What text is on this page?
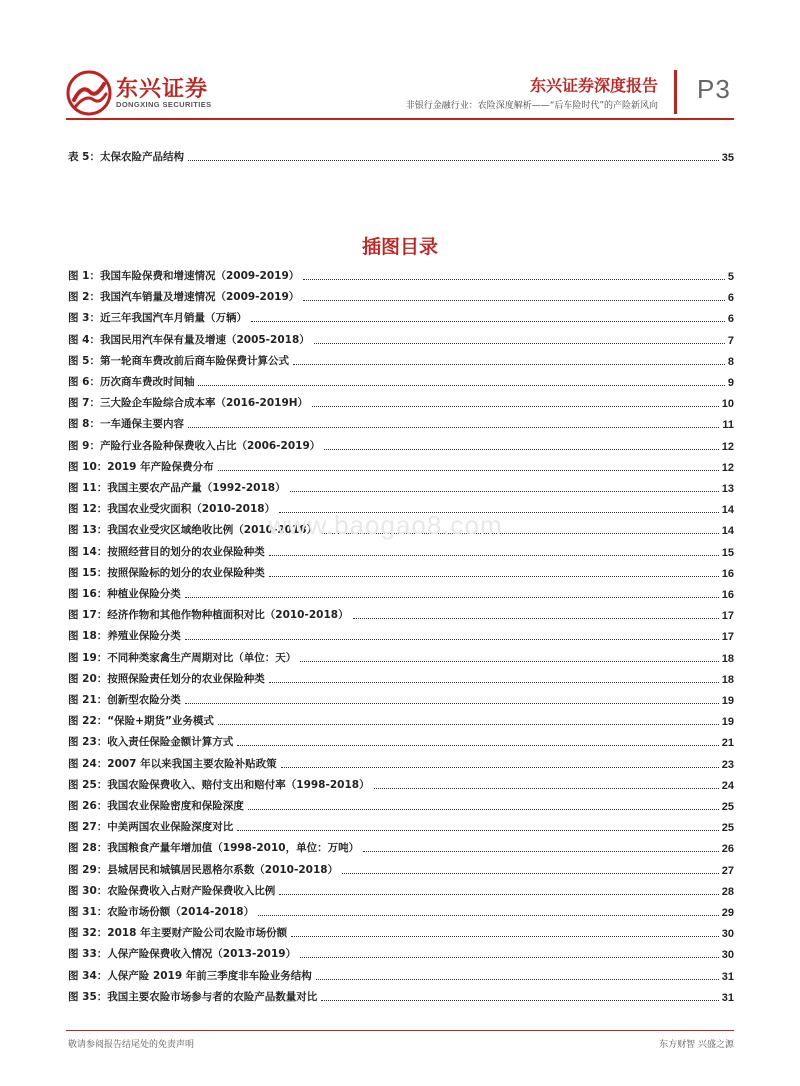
东兴证券
DONGXING SECURITIES
东兴证券深度报告
非银行金融行业：农险深度解析——“后车险时代”的产险新风向
P3
表 5：太保农险产品结构	35
插图目录
图 1：我国车险保费和增速情况（2009-2019）	5
图 2：我国汽车销量及增速情况（2009-2019）	6
图 3：近三年我国汽车月销量（万辆）	6
图 4：我国民用汽车保有量及增速（2005-2018）	7
图 5：第一轮商车费改前后商车险保费计算公式	8
图 6：历次商车费改时间轴	9
图 7：三大险企车险综合成本率（2016-2019H）	10
图 8：一车通保主要内容	11
图 9：产险行业各险种保费收入占比（2006-2019）	12
图 10：2019 年产险保费分布	12
图 11：我国主要农产品产量（1992-2018）	13
图 12：我国农业受灾面积（2010-2018）	14
图 13：我国农业受灾区域绝收比例（2010-2018）	14
图 14：按照经营目的划分的农业保险种类	15
图 15：按照保险标的划分的农业保险种类	16
图 16：种植业保险分类	16
图 17：经济作物和其他作物种植面积对比（2010-2018）	17
图 18：养殖业保险分类	17
图 19：不同种类家禽生产周期对比（单位：天）	18
图 20：按照保险责任划分的农业保险种类	18
图 21：创新型农险分类	19
图 22：“保险+期货”业务模式	19
图 23：收入责任保险金额计算方式	21
图 24：2007 年以来我国主要农险补贴政策	23
图 25：我国农险保费收入、赔付支出和赔付率（1998-2018）	24
图 26：我国农业保险密度和保险深度	25
图 27：中美两国农业保险深度对比	25
图 28：我国粮食产量年增加值（1998-2010，单位：万吨）	26
图 29：县城居民和城镇居民恩格尔系数（2010-2018）	27
图 30：农险保费收入占财产险保费收入比例	28
图 31：农险市场份额（2014-2018）	29
图 32：2018 年主要财产险公司农险市场份额	30
图 33：人保产险保费收入情况（2013-2019）	30
图 34：人保产险 2019 年前三季度非车险业务结构	31
图 35：我国主要农险市场参与者的农险产品数量对比	31
www.baogao8.com
敬请参阅报告结尾处的免责声明	东方财智 兴盛之源
